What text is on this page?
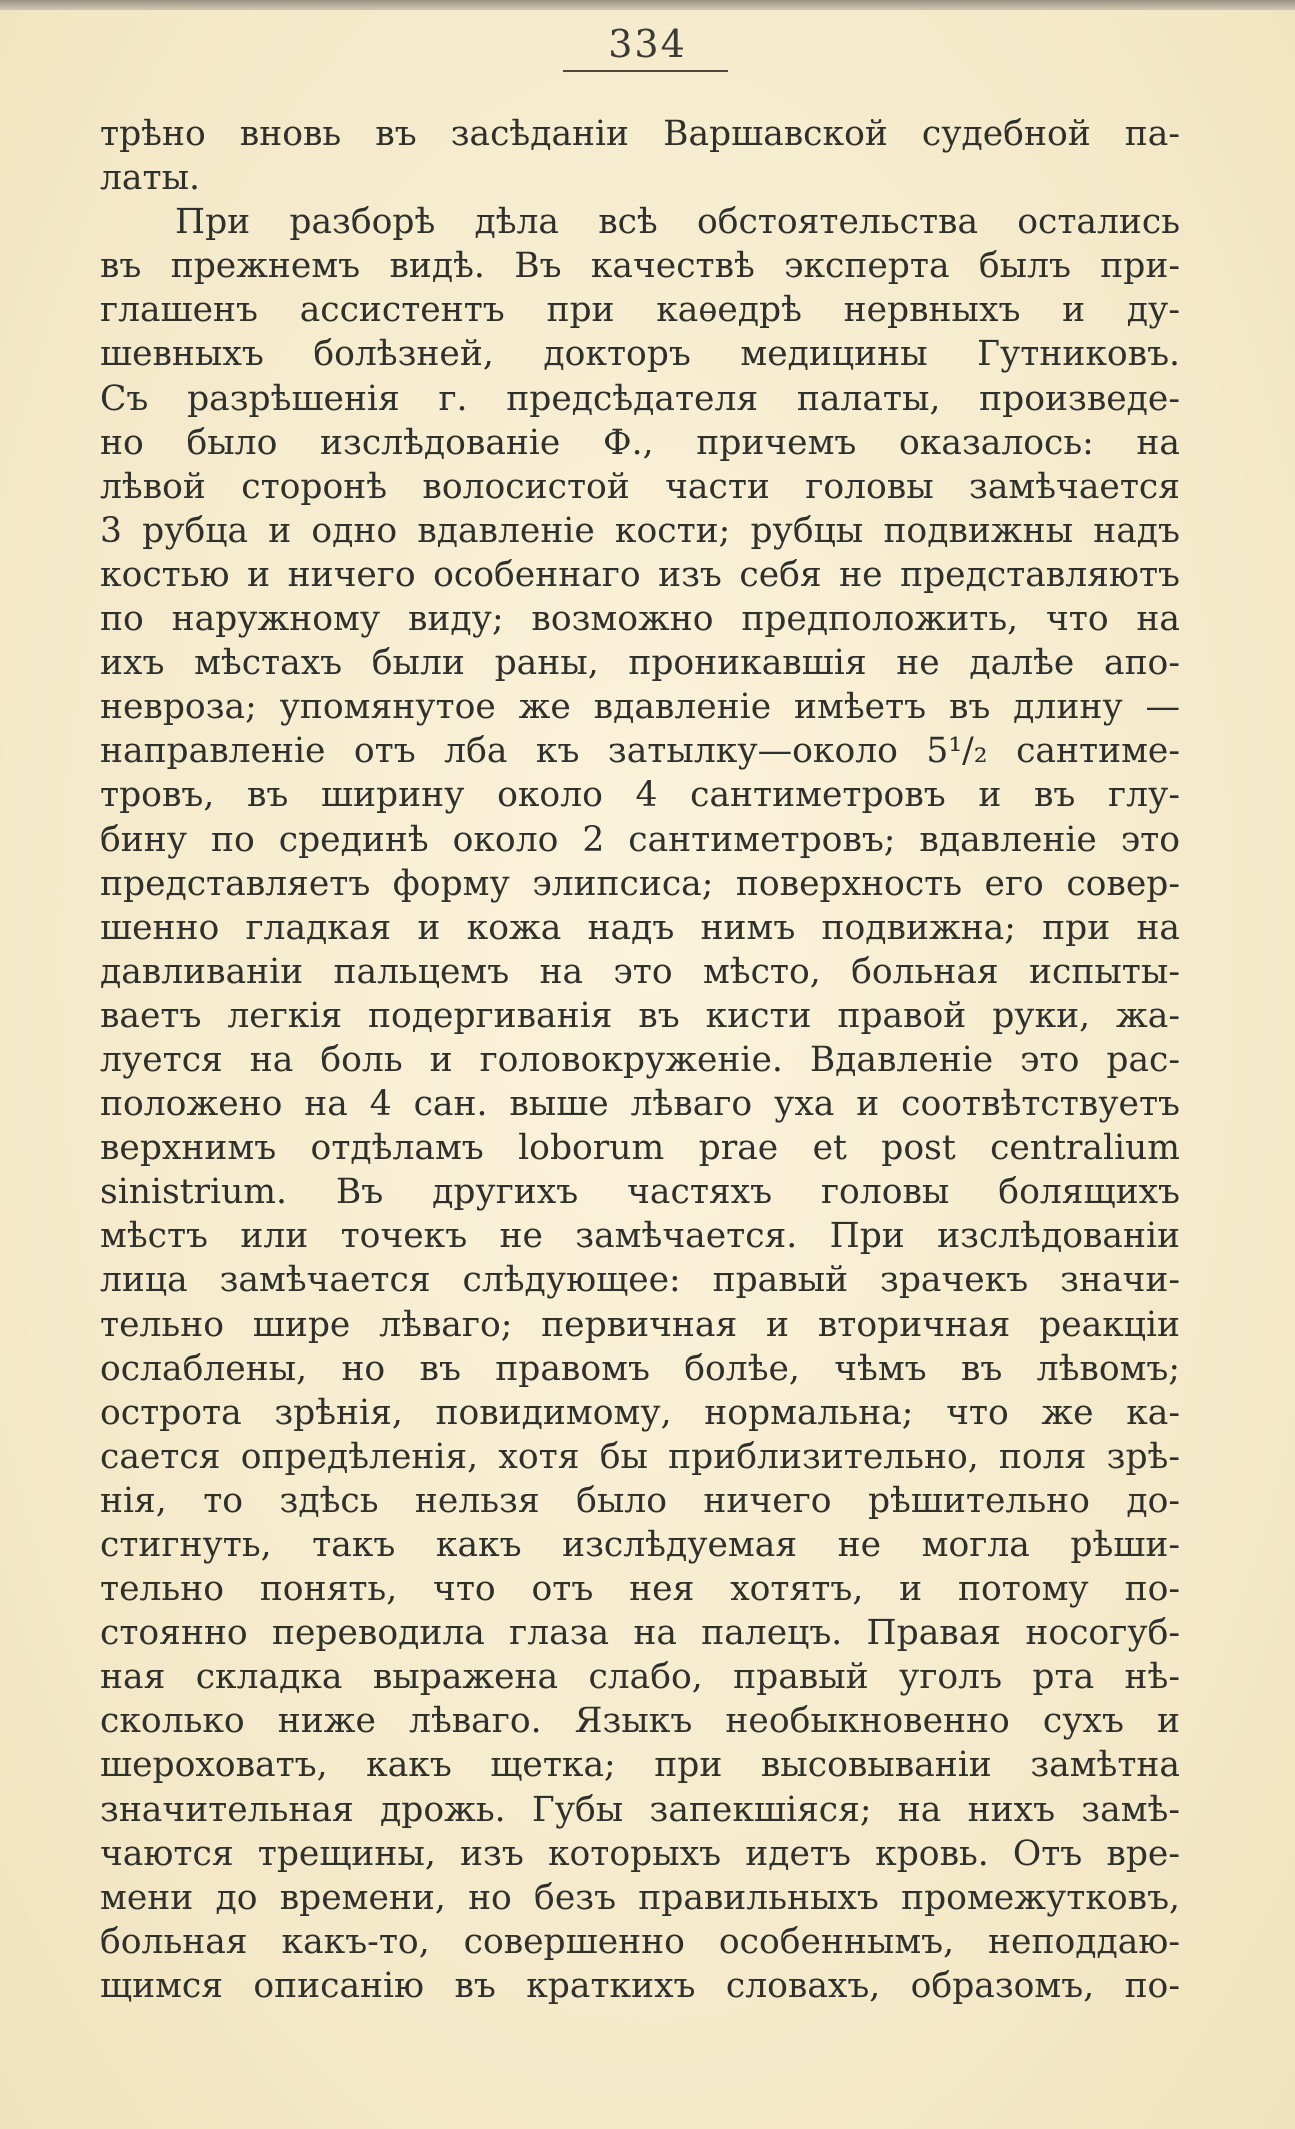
334
трѣно вновь въ засѣданіи Варшавской судебной па-
латы.
При разборѣ дѣла всѣ обстоятельства остались
въ прежнемъ видѣ. Въ качествѣ эксперта былъ при-
глашенъ ассистентъ при каѳедрѣ нервныхъ и ду-
шевныхъ болѣзней, докторъ медицины Гутниковъ.
Съ разрѣшенія г. предсѣдателя палаты, произведе-
но было изслѣдованіе Ф., причемъ оказалось: на
лѣвой сторонѣ волосистой части головы замѣчается
3 рубца и одно вдавленіе кости; рубцы подвижны надъ
костью и ничего особеннаго изъ себя не представляютъ
по наружному виду; возможно предположить, что на
ихъ мѣстахъ были раны, проникавшія не далѣе апо-
невроза; упомянутое же вдавленіе имѣетъ въ длину —
направленіе отъ лба къ затылку—около 5¹/₂ сантиме-
тровъ, въ ширину около 4 сантиметровъ и въ глу-
бину по срединѣ около 2 сантиметровъ; вдавленіе это
представляетъ форму элипсиса; поверхность его совер-
шенно гладкая и кожа надъ нимъ подвижна; при на
давливаніи пальцемъ на это мѣсто, больная испыты-
ваетъ легкія подергиванія въ кисти правой руки, жа-
луется на боль и головокруженіе. Вдавленіе это рас-
положено на 4 сан. выше лѣваго уха и соотвѣтствуетъ
верхнимъ отдѣламъ loborum prae et post centralium
sinistrium. Въ другихъ частяхъ головы болящихъ
мѣстъ или точекъ не замѣчается. При изслѣдованіи
лица замѣчается слѣдующее: правый зрачекъ значи-
тельно шире лѣваго; первичная и вторичная реакціи
ослаблены, но въ правомъ болѣе, чѣмъ въ лѣвомъ;
острота зрѣнія, повидимому, нормальна; что же ка-
сается опредѣленія, хотя бы приблизительно, поля зрѣ-
нія, то здѣсь нельзя было ничего рѣшительно до-
стигнуть, такъ какъ изслѣдуемая не могла рѣши-
тельно понять, что отъ нея хотятъ, и потому по-
стоянно переводила глаза на палецъ. Правая носогуб-
ная складка выражена слабо, правый уголъ рта нѣ-
сколько ниже лѣваго. Языкъ необыкновенно сухъ и
шероховатъ, какъ щетка; при высовываніи замѣтна
значительная дрожь. Губы запекшіяся; на нихъ замѣ-
чаются трещины, изъ которыхъ идетъ кровь. Отъ вре-
мени до времени, но безъ правильныхъ промежутковъ,
больная какъ-то, совершенно особеннымъ, неподдаю-
щимся описанію въ краткихъ словахъ, образомъ, по-
